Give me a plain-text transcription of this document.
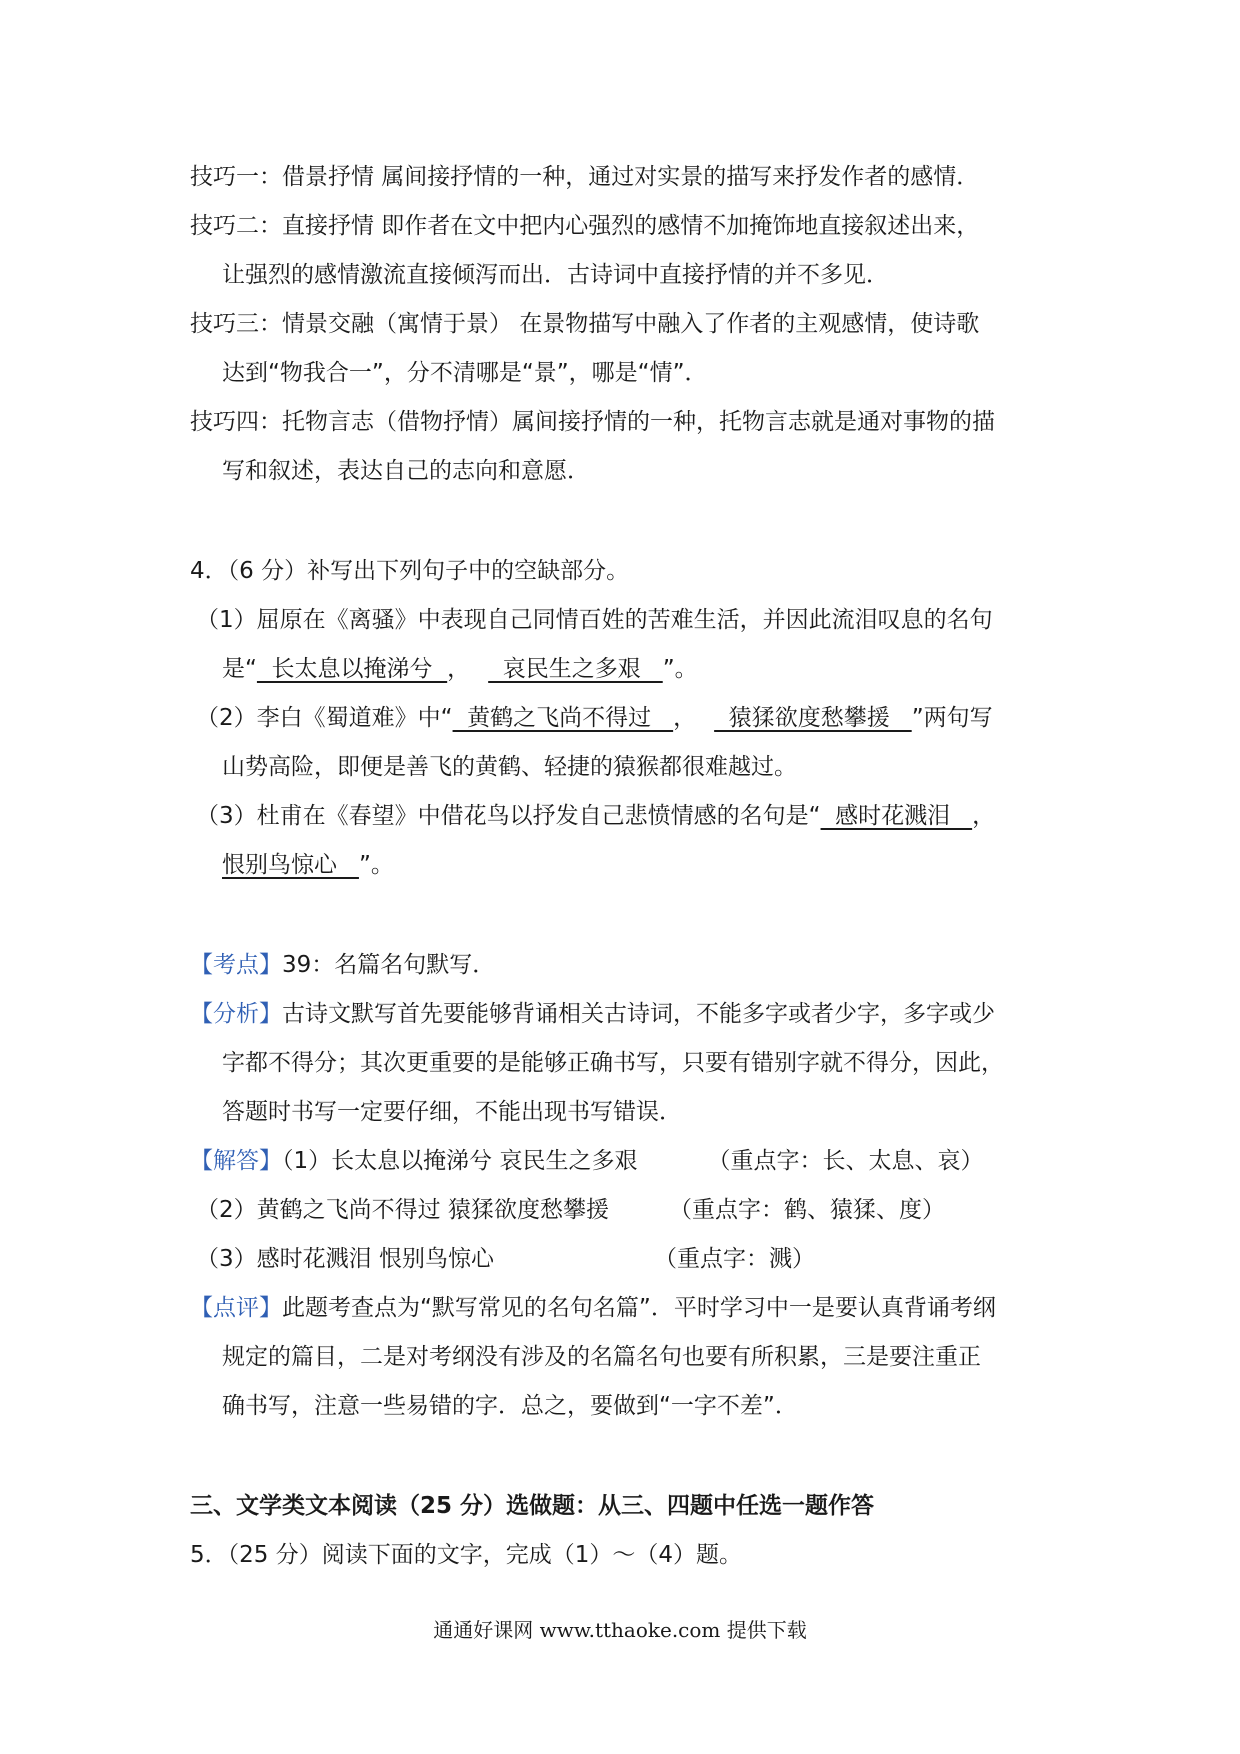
技巧一：借景抒情 属间接抒情的一种，通过对实景的描写来抒发作者的感情．
技巧二：直接抒情 即作者在文中把内心强烈的感情不加掩饰地直接叙述出来，
让强烈的感情激流直接倾泻而出．古诗词中直接抒情的并不多见．
技巧三：情景交融（寓情于景） 在景物描写中融入了作者的主观感情，使诗歌
达到“物我合一”，分不清哪是“景”，哪是“情”．
技巧四：托物言志（借物抒情）属间接抒情的一种，托物言志就是通对事物的描
写和叙述，表达自己的志向和意愿．
4．（6 分）补写出下列句子中的空缺部分。
（1）屈原在《离骚》中表现自己同情百姓的苦难生活，并因此流泪叹息的名句
是“  长太息以掩涕兮  ，  哀民生之多艰   ”。
（2）李白《蜀道难》中“  黄鹤之飞尚不得过   ，  猿猱欲度愁攀援   ”两句写
山势高险，即便是善飞的黄鹤、轻捷的猿猴都很难越过。
（3）杜甫在《春望》中借花鸟以抒发自己悲愤情感的名句是“  感时花溅泪   ，
恨别鸟惊心   ”。
【考点】39：名篇名句默写．
【分析】古诗文默写首先要能够背诵相关古诗词，不能多字或者少字，多字或少
字都不得分；其次更重要的是能够正确书写，只要有错别字就不得分，因此，
答题时书写一定要仔细，不能出现书写错误．
【解答】（1）长太息以掩涕兮 哀民生之多艰	（重点字：长、太息、哀）
（2）黄鹤之飞尚不得过 猿猱欲度愁攀援	（重点字：鹤、猿猱、度）
（3）感时花溅泪 恨别鸟惊心	（重点字：溅）
【点评】此题考查点为“默写常见的名句名篇”．平时学习中一是要认真背诵考纲
规定的篇目，二是对考纲没有涉及的名篇名句也要有所积累，三是要注重正
确书写，注意一些易错的字．总之，要做到“一字不差”．
三、文学类文本阅读（25 分）选做题：从三、四题中任选一题作答
5．（25 分）阅读下面的文字，完成（1）～（4）题。
通通好课网 www.tthaoke.com 提供下载
